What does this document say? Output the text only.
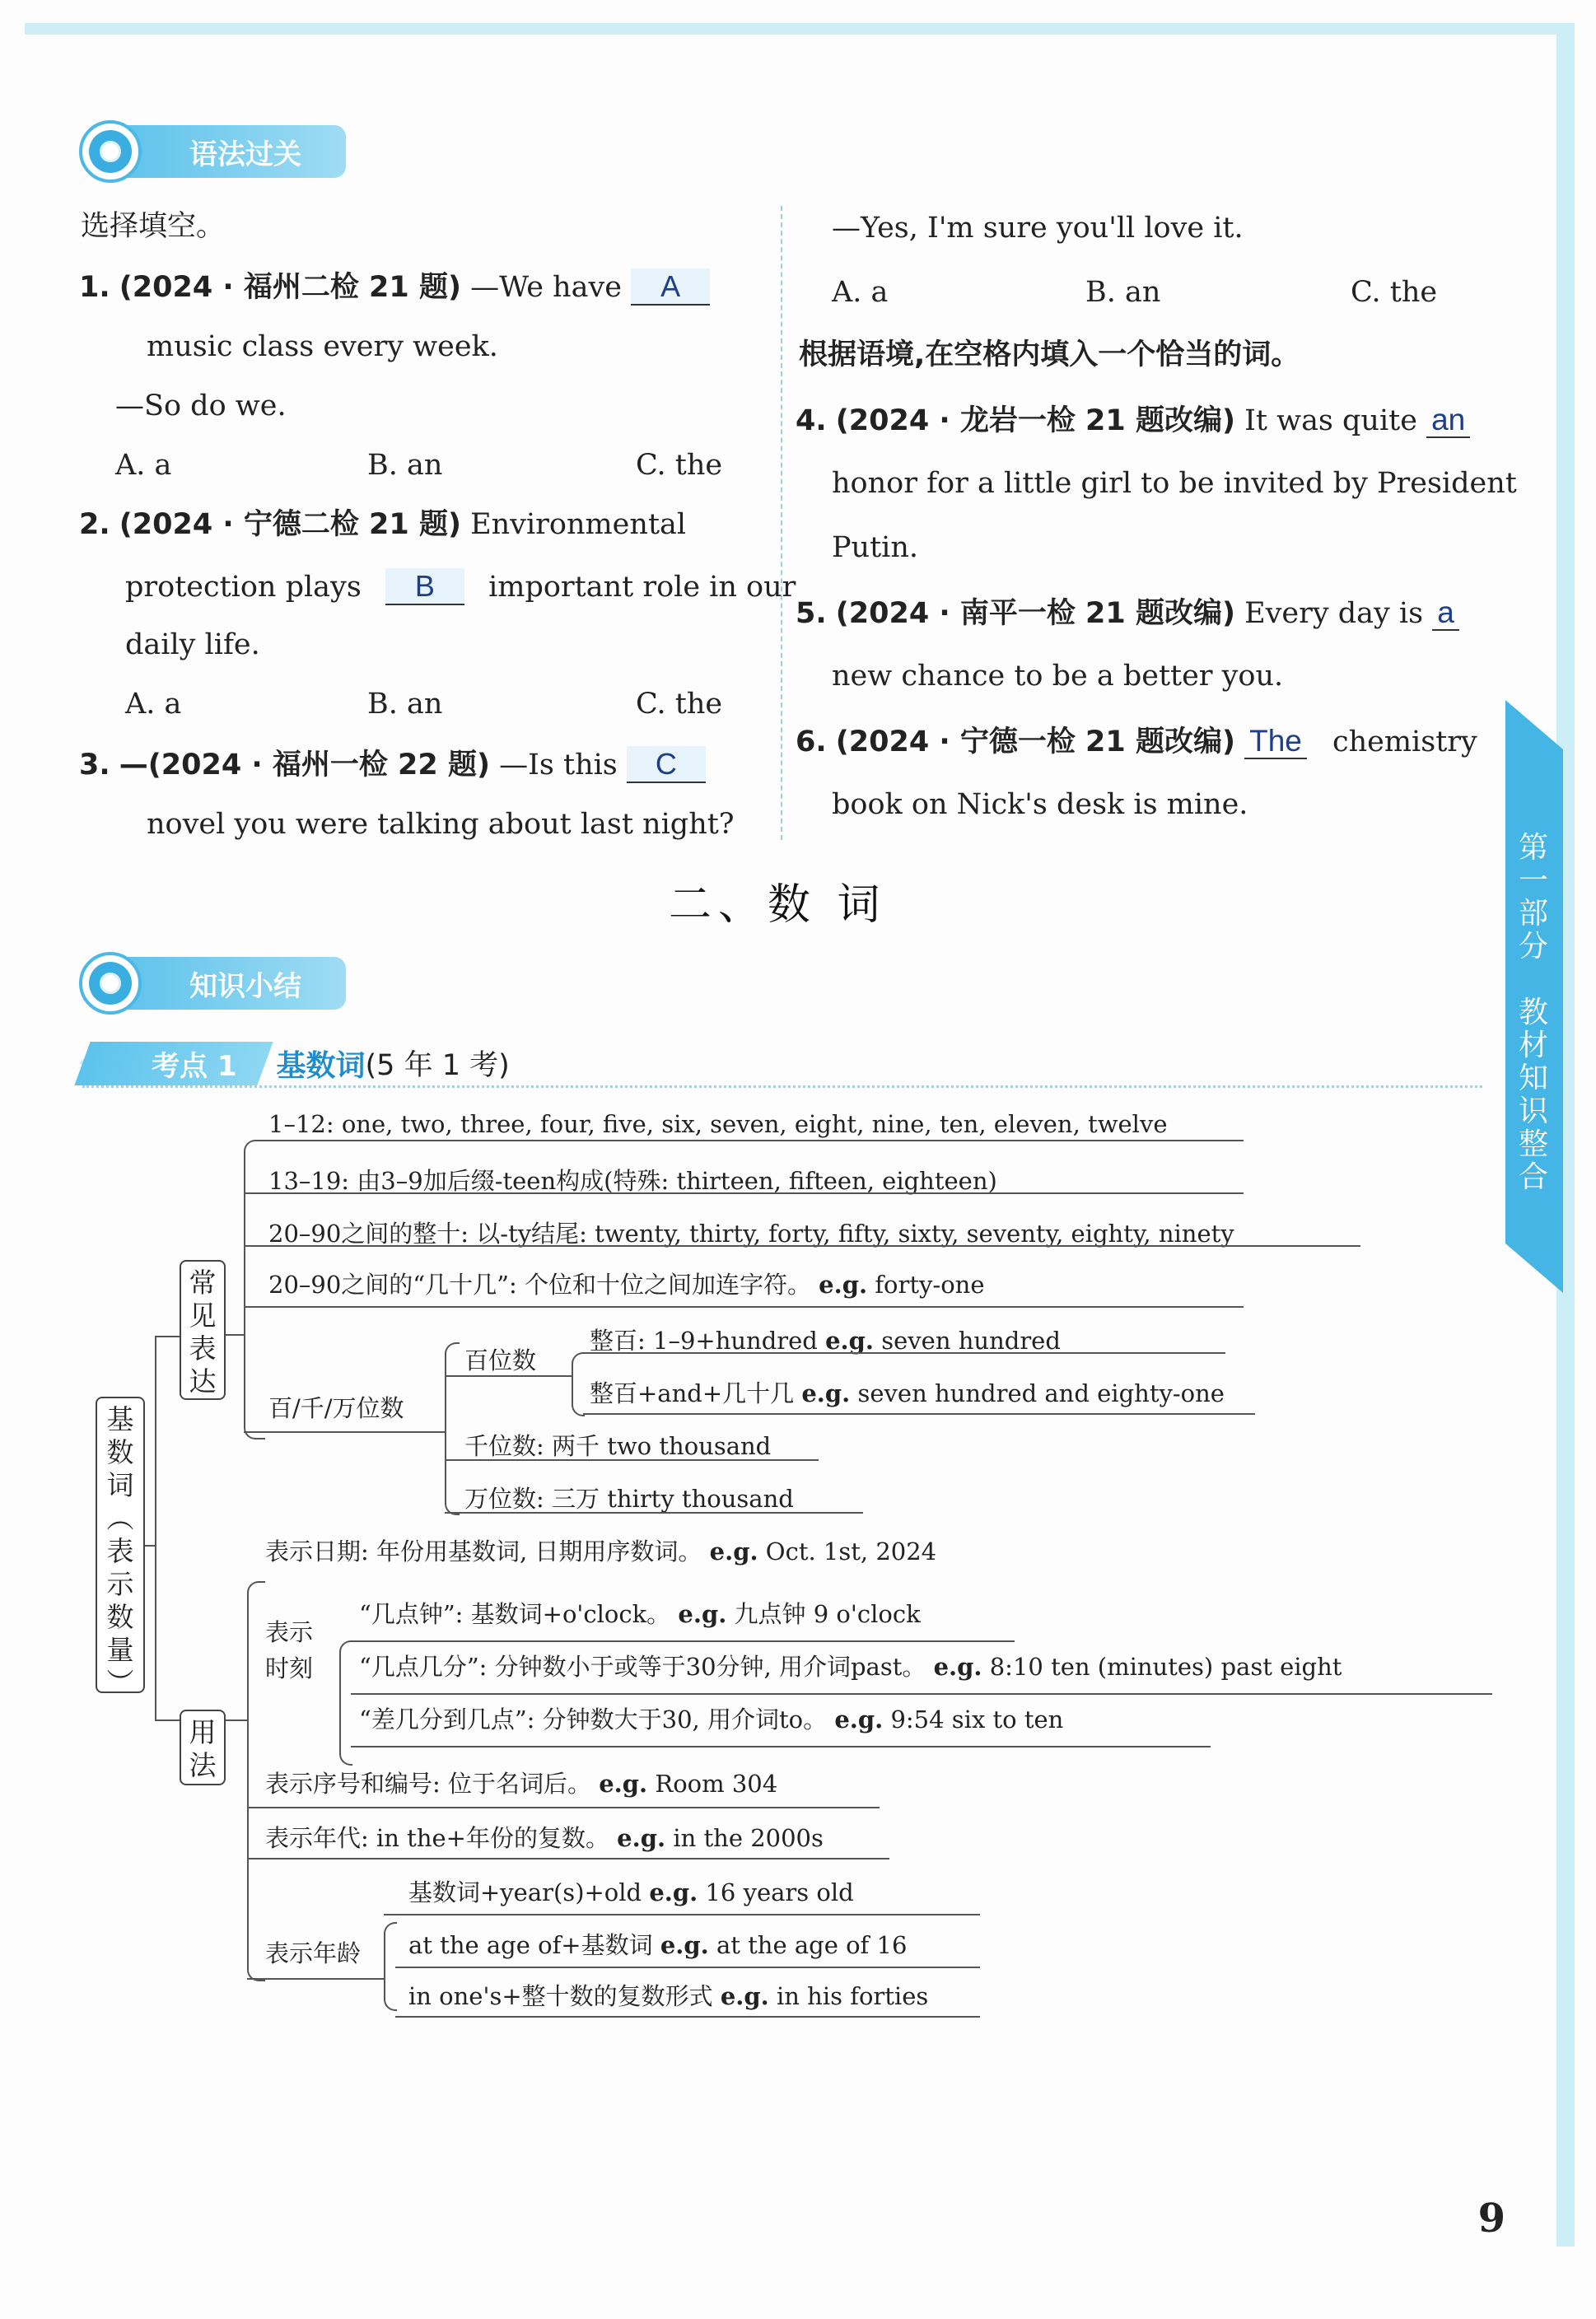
语法过关
选择填空。
1. (2024 · 福州二检 21 题) —We have A
music class every week.
—So do we.
A. a	B. an	C. the
2. (2024 · 宁德二检 21 题) Environmental
protection plays B important role in our
daily life.
A. a	B. an	C. the
3. —(2024 · 福州一检 22 题) —Is this C
novel you were talking about last night?
—Yes, I'm sure you'll love it.
A. a	B. an	C. the
根据语境,在空格内填入一个恰当的词。
4. (2024 · 龙岩一检 21 题改编) It was quite an
honor for a little girl to be invited by President
Putin.
5. (2024 · 南平一检 21 题改编) Every day is a
new chance to be a better you.
6. (2024 · 宁德一检 21 题改编) The chemistry
book on Nick's desk is mine.
二、数 词
知识小结
考点 1	基数词 (5 年 1 考)
第
一
部
分

教
材
知
识
整
合
基
数
词
︵
表
示
数
量
︶
常
见
表
达
1–12: one, two, three, four, five, six, seven, eight, nine, ten, eleven, twelve
13–19: 由3–9加后缀-teen构成(特殊: thirteen, fifteen, eighteen)
20–90之间的整十: 以-ty结尾: twenty, thirty, forty, fifty, sixty, seventy, eighty, ninety
20–90之间的“几十几”: 个位和十位之间加连字符。 e.g. forty-one
百/千/万位数
百位数
整百: 1–9+hundred e.g. seven hundred
整百+and+几十几 e.g. seven hundred and eighty-one
千位数: 两千 two thousand
万位数: 三万 thirty thousand
用
法
表示日期: 年份用基数词, 日期用序数词。 e.g. Oct. 1st, 2024
表示时刻
“几点钟”: 基数词+o'clock。 e.g. 九点钟 9 o'clock
“几点几分”: 分钟数小于或等于30分钟, 用介词past。 e.g. 8:10 ten (minutes) past eight
“差几分到几点”: 分钟数大于30, 用介词to。 e.g. 9:54 six to ten
表示序号和编号: 位于名词后。 e.g. Room 304
表示年代: in the+年份的复数。 e.g. in the 2000s
表示年龄
基数词+year(s)+old e.g. 16 years old
at the age of+基数词 e.g. at the age of 16
in one's+整十数的复数形式 e.g. in his forties
9
